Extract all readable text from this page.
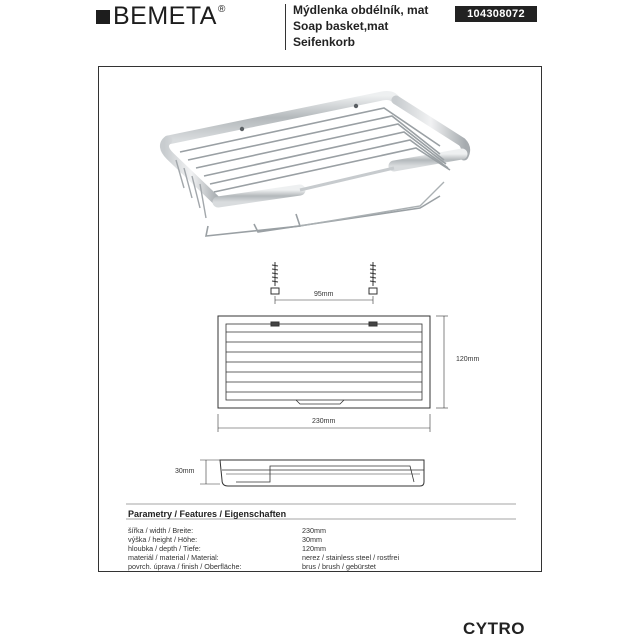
BEMETA®	Mýdlenka obdélník, mat
Soap basket,mat
Seifenkorb
104308072
95mm
120mm
230mm
30mm
Parametry / Features / Eigenschaften
šířka / width / Breite:	230mm
výška / height / Höhe:	30mm
hloubka / depth / Tiefe:	120mm
materiál / material / Material:	nerez / stainless steel / rostfrei
povrch. úprava / finish / Oberfläche:	brus / brush / gebürstet
CYTRO
